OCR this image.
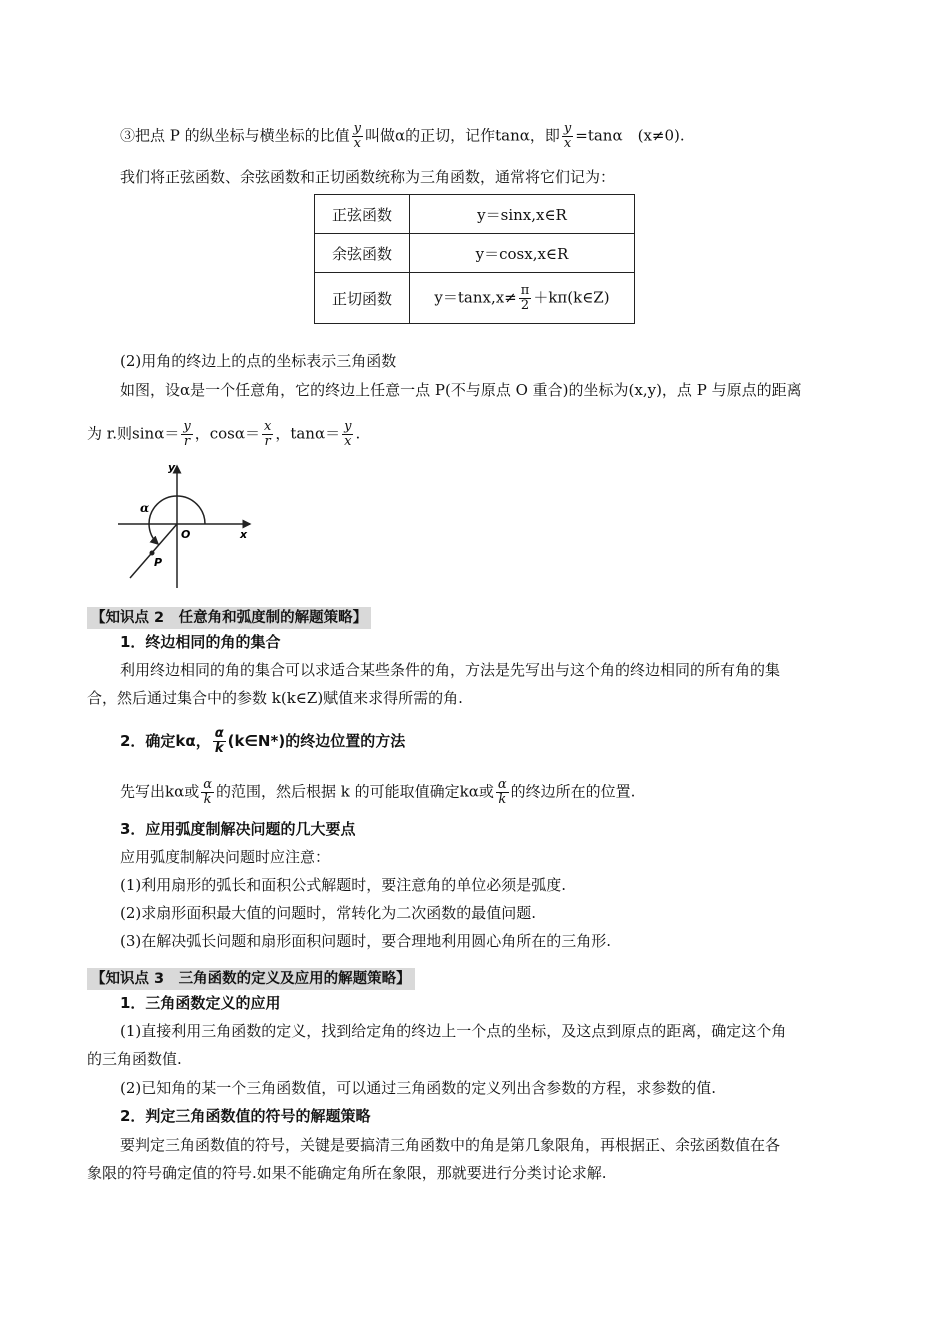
③把点 P 的纵坐标与横坐标的比值 $\frac{y}{x}$ 叫做α的正切，记作tanα，即 $\frac{y}{x} =\tan\alpha$　(x≠0).
我们将正弦函数、余弦函数和正切函数统称为三角函数，通常将它们记为：
正弦函数	y＝sinx,x∈R
余弦函数	y＝cosx,x∈R
正切函数	$y=\tan x,x\ne \frac{\pi}{2}$ ＋kπ(k∈Z)
(2)用角的终边上的点的坐标表示三角函数
如图，设α是一个任意角，它的终边上任意一点 P(不与原点 O 重合)的坐标为(x,y)，点 P 与原点的距离
为 r.则$\sin\alpha= \frac{y}{r}$ ，$\cos\alpha= \frac{x}{r}$ ，$\tan\alpha= \frac{y}{x}$ .
y
x
O
α
P
【知识点 2　任意角和弧度制的解题策略】
1．终边相同的角的集合
利用终边相同的角的集合可以求适合某些条件的角，方法是先写出与这个角的终边相同的所有角的集
合，然后通过集合中的参数 k(k∈Z)赋值来求得所需的角.
2．确定kα， $\frac{\alpha}{k}$ (k∈N*)的终边位置的方法
先写出kα或 $\frac{\alpha}{k}$ 的范围，然后根据 k 的可能取值确定kα或 $\frac{\alpha}{k}$ 的终边所在的位置.
3．应用弧度制解决问题的几大要点
应用弧度制解决问题时应注意：
(1)利用扇形的弧长和面积公式解题时，要注意角的单位必须是弧度.
(2)求扇形面积最大值的问题时，常转化为二次函数的最值问题.
(3)在解决弧长问题和扇形面积问题时，要合理地利用圆心角所在的三角形.
【知识点 3　三角函数的定义及应用的解题策略】
1．三角函数定义的应用
(1)直接利用三角函数的定义，找到给定角的终边上一个点的坐标，及这点到原点的距离，确定这个角
的三角函数值.
(2)已知角的某一个三角函数值，可以通过三角函数的定义列出含参数的方程，求参数的值.
2．判定三角函数值的符号的解题策略
要判定三角函数值的符号，关键是要搞清三角函数中的角是第几象限角，再根据正、余弦函数值在各
象限的符号确定值的符号.如果不能确定角所在象限，那就要进行分类讨论求解.
